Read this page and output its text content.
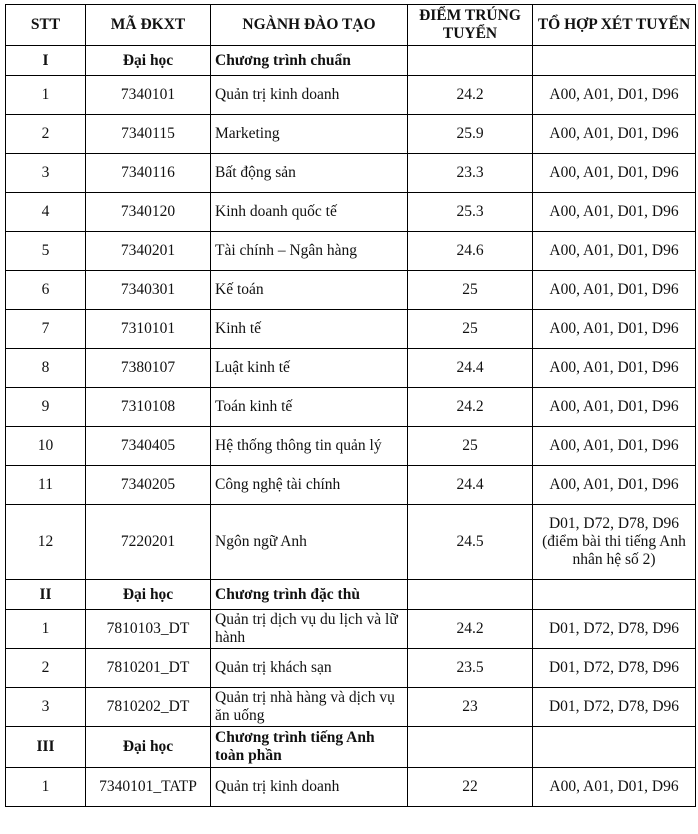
STT	MÃ ĐKXT	NGÀNH ĐÀO TẠO	ĐIỂM TRÚNG TUYỂN	TỔ HỢP XÉT TUYỂN
I	Đại học	Chương trình chuẩn		
1	7340101	Quản trị kinh doanh	24.2	A00, A01, D01, D96
2	7340115	Marketing	25.9	A00, A01, D01, D96
3	7340116	Bất động sản	23.3	A00, A01, D01, D96
4	7340120	Kinh doanh quốc tế	25.3	A00, A01, D01, D96
5	7340201	Tài chính – Ngân hàng	24.6	A00, A01, D01, D96
6	7340301	Kế toán	25	A00, A01, D01, D96
7	7310101	Kinh tế	25	A00, A01, D01, D96
8	7380107	Luật kinh tế	24.4	A00, A01, D01, D96
9	7310108	Toán kinh tế	24.2	A00, A01, D01, D96
10	7340405	Hệ thống thông tin quản lý	25	A00, A01, D01, D96
11	7340205	Công nghệ tài chính	24.4	A00, A01, D01, D96
12	7220201	Ngôn ngữ Anh	24.5	D01, D72, D78, D96 (điểm bài thi tiếng Anh nhân hệ số 2)
II	Đại học	Chương trình đặc thù		
1	7810103_DT	Quản trị dịch vụ du lịch và lữ hành	24.2	D01, D72, D78, D96
2	7810201_DT	Quản trị khách sạn	23.5	D01, D72, D78, D96
3	7810202_DT	Quản trị nhà hàng và dịch vụ ăn uống	23	D01, D72, D78, D96
III	Đại học	Chương trình tiếng Anh toàn phần		
1	7340101_TATP	Quản trị kinh doanh	22	A00, A01, D01, D96
